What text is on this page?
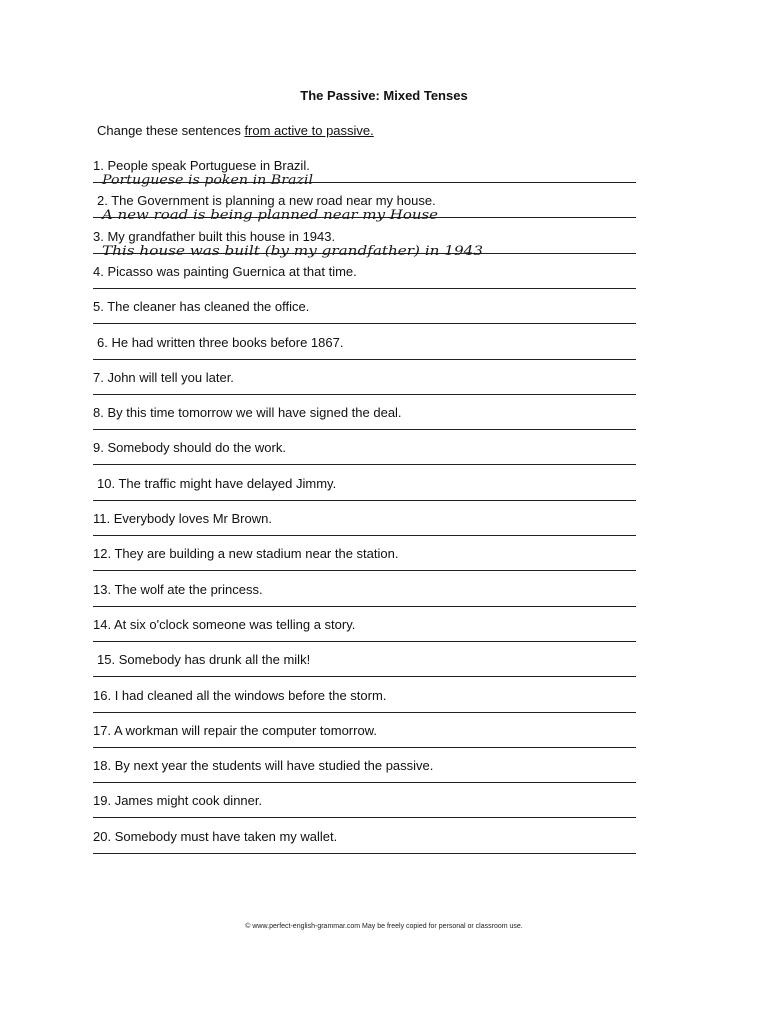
The Passive: Mixed Tenses
Change these sentences from active to passive.
1. People speak Portuguese in Brazil.
Portuguese is poken in Brazil
2. The Government is planning a new road near my house.
A new road is being planned near my House
3. My grandfather built this house in 1943.
This house was built (by my grandfather) in 1943
4. Picasso was painting Guernica at that time.
5. The cleaner has cleaned the office.
6. He had written three books before 1867.
7. John will tell you later.
8. By this time tomorrow we will have signed the deal.
9. Somebody should do the work.
10. The traffic might have delayed Jimmy.
11. Everybody loves Mr Brown.
12. They are building a new stadium near the station.
13. The wolf ate the princess.
14. At six o'clock someone was telling a story.
15. Somebody has drunk all the milk!
16. I had cleaned all the windows before the storm.
17. A workman will repair the computer tomorrow.
18. By next year the students will have studied the passive.
19. James might cook dinner.
20. Somebody must have taken my wallet.
© www.perfect-english-grammar.com May be freely copied for personal or classroom use.
